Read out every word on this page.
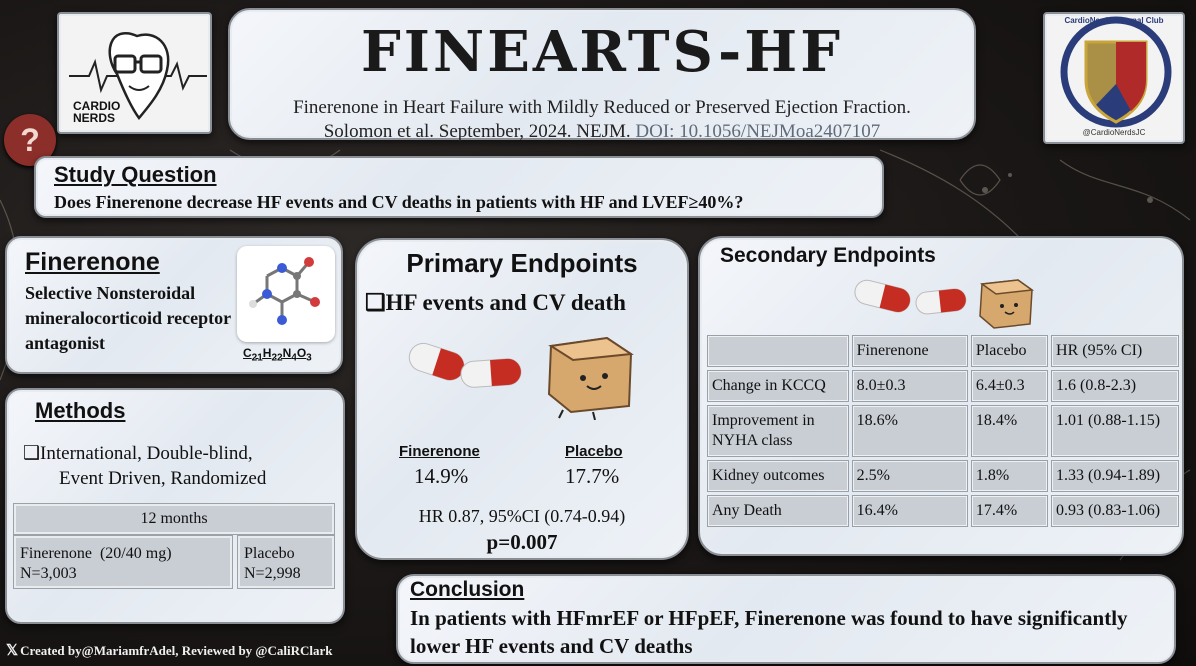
CARDIO NERDS
?
FINEARTS-HF
Finerenone in Heart Failure with Mildly Reduced or Preserved Ejection Fraction.
Solomon et al. September, 2024. NEJM. DOI: 10.1056/NEJMoa2407107
CardioNerds Journal Club
@CardioNerdsJC
Study Question
Does Finerenone decrease HF events and CV deaths in patients with HF and LVEF≥40%?
Finerenone
Selective Nonsteroidal mineralocorticoid receptor antagonist	$C_{21}H_{22}N_4O_3$
Methods
❑International, Double-blind,
Event Driven, Randomized
12 months
Finerenone  (20/40 mg)
N=3,003
Placebo
N=2,998
Primary Endpoints
❑HF events and CV death
Finerenone	Placebo
14.9%	17.7%
HR 0.87, 95%CI (0.74-0.94)
p=0.007
Secondary Endpoints
	Finerenone	Placebo	HR (95% CI)
Change in KCCQ	8.0±0.3	6.4±0.3	1.6 (0.8-2.3)
Improvement in NYHA class	18.6%	18.4%	1.01 (0.88-1.15)
Kidney outcomes	2.5%	1.8%	1.33 (0.94-1.89)
Any Death	16.4%	17.4%	0.93 (0.83-1.06)
Conclusion
In patients with HFmrEF or HFpEF, Finerenone was found to have significantly lower HF events and CV deaths
𝕏 Created by@MariamfrAdel, Reviewed by @CaliRClark
